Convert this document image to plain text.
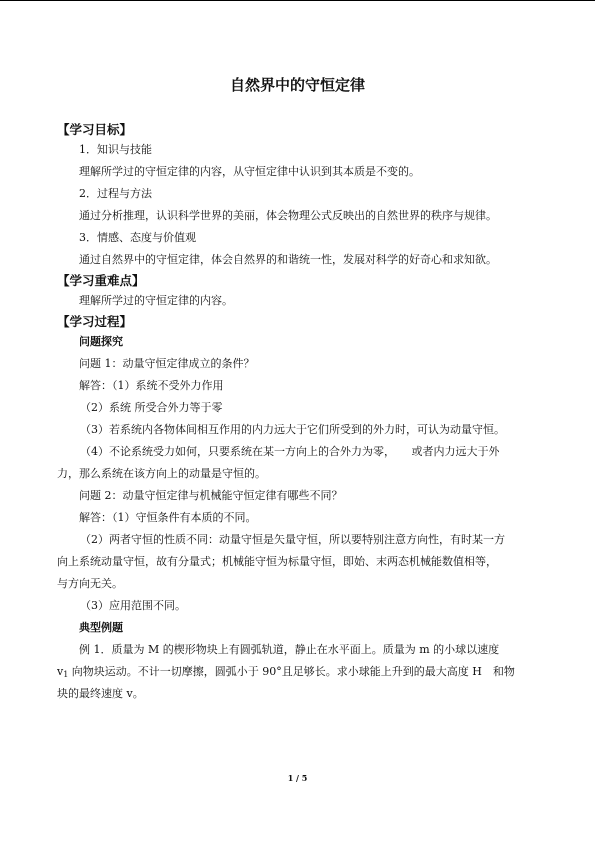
自然界中的守恒定律
【学习目标】
1．知识与技能
理解所学过的守恒定律的内容，从守恒定律中认识到其本质是不变的。
2．过程与方法
通过分析推理，认识科学世界的美丽，体会物理公式反映出的自然世界的秩序与规律。
3．情感、态度与价值观
通过自然界中的守恒定律，体会自然界的和谐统一性，发展对科学的好奇心和求知欲。
【学习重难点】
理解所学过的守恒定律的内容。
【学习过程】
问题探究
问题 1：动量守恒定律成立的条件？
解答：（1）系统不受外力作用
（2）系统 所受合外力等于零
（3）若系统内各物体间相互作用的内力远大于它们所受到的外力时，可认为动量守恒。
（4）不论系统受力如何，只要系统在某一方向上的合外力为零，　　或者内力远大于外
力，那么系统在该方向上的动量是守恒的。
问题 2：动量守恒定律与机械能守恒定律有哪些不同？
解答：（1）守恒条件有本质的不同。
（2）两者守恒的性质不同：动量守恒是矢量守恒，所以要特别注意方向性，有时某一方
向上系统动量守恒，故有分量式；机械能守恒为标量守恒，即始、末两态机械能数值相等，
与方向无关。
（3）应用范围不同。
典型例题
例 1．质量为 M 的楔形物块上有圆弧轨道，静止在水平面上。质量为 m 的小球以速度
$v_1$ 向物块运动。不计一切摩擦，圆弧小于 90°且足够长。求小球能上升到的最大高度 H　和物
块的最终速度 v。
1 / 5
